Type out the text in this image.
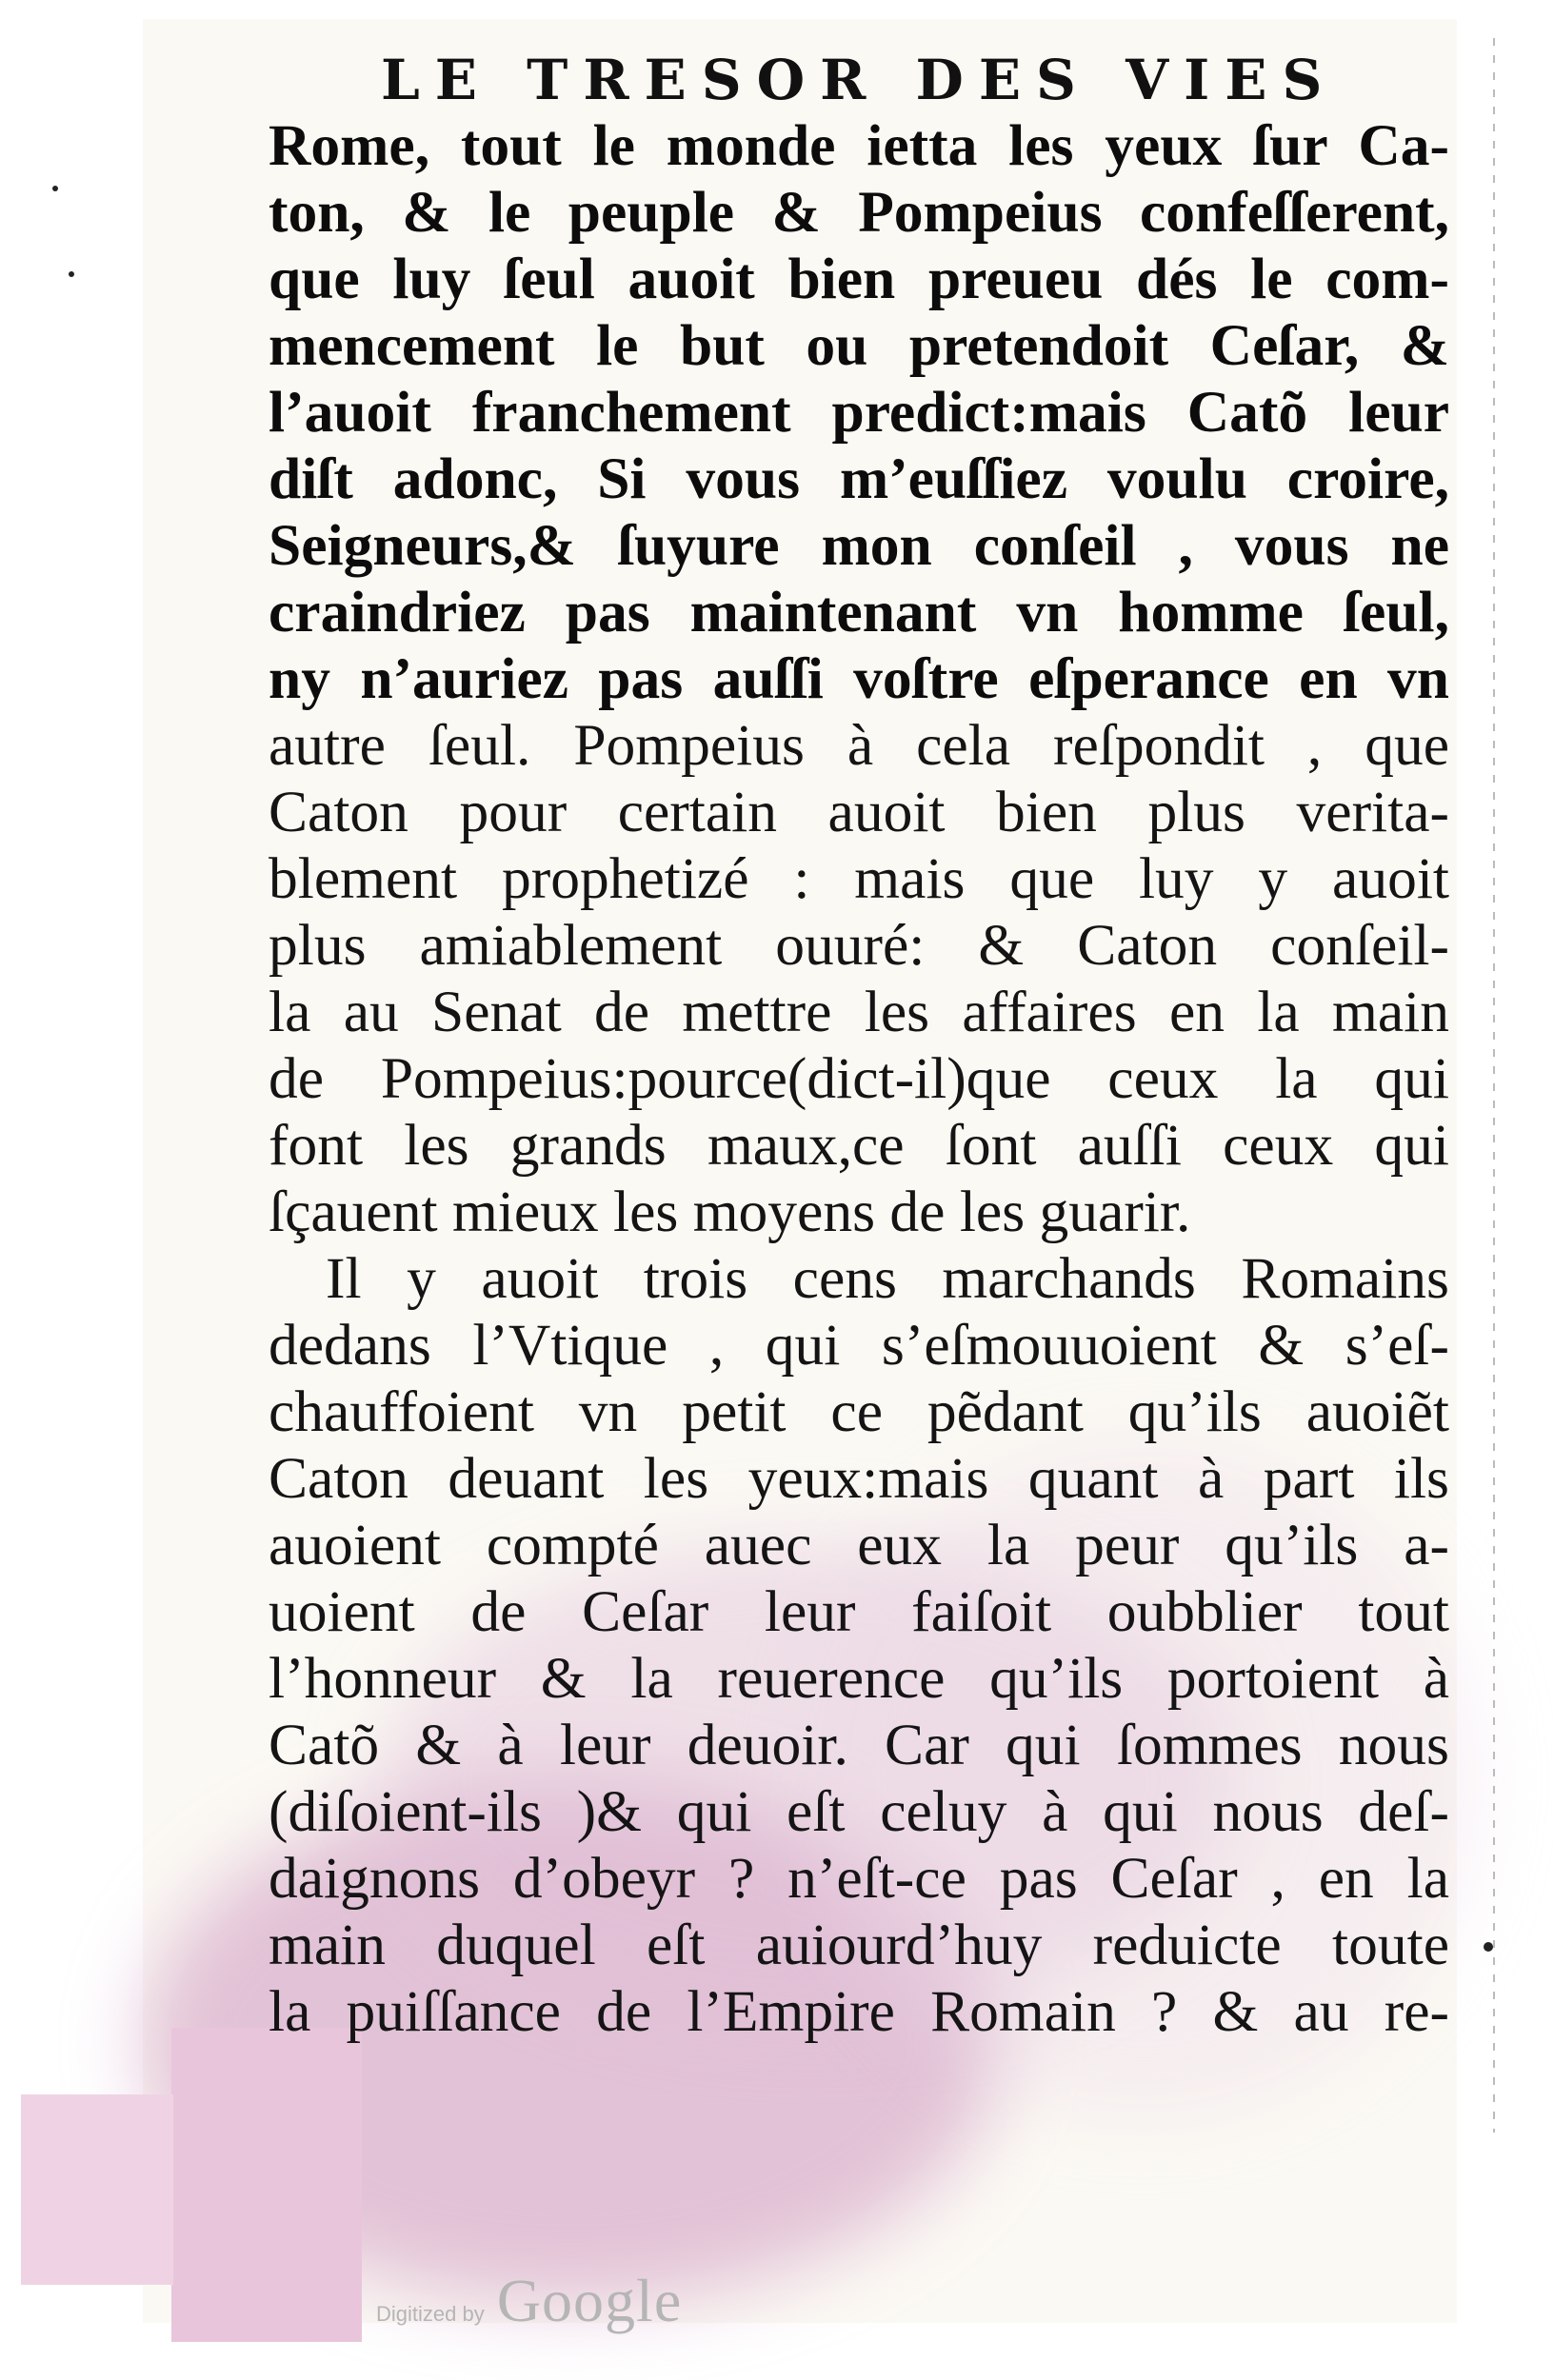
LE TRESOR DES VIES
Rome, tout le monde ietta les yeux ſur Ca-
ton, & le peuple & Pompeius confeſſerent,
que luy ſeul auoit bien preueu dés le com-
mencement le but ou pretendoit Ceſar, &
l’auoit franchement predict:mais Catõ leur
diſt adonc, Si vous m’euſſiez voulu croire,
Seigneurs,& ſuyure mon conſeil , vous ne
craindriez pas maintenant vn homme ſeul,
ny n’auriez pas auſſi voſtre eſperance en vn
autre ſeul. Pompeius à cela reſpondit , que
Caton pour certain auoit bien plus verita-
blement prophetizé : mais que luy y auoit
plus amiablement ouuré: & Caton conſeil-
la au Senat de mettre les affaires en la main
de Pompeius:pource(dict-il)que ceux la qui
font les grands maux,ce ſont auſſi ceux qui
ſçauent mieux les moyens de les guarir.
Il y auoit trois cens marchands Romains
dedans l’Vtique , qui s’eſmouuoient & s’eſ-
chauffoient vn petit ce pẽdant qu’ils auoiẽt
Caton deuant les yeux:mais quant à part ils
auoient compté auec eux la peur qu’ils a-
uoient de Ceſar leur faiſoit oubblier tout
l’honneur & la reuerence qu’ils portoient à
Catõ & à leur deuoir. Car qui ſommes nous
(diſoient-ils )& qui eſt celuy à qui nous deſ-
daignons d’obeyr ? n’eſt-ce pas Ceſar , en la
main duquel eſt auiourd’huy reduicte toute
la puiſſance de l’Empire Romain ? & au re-
Digitized by Google
